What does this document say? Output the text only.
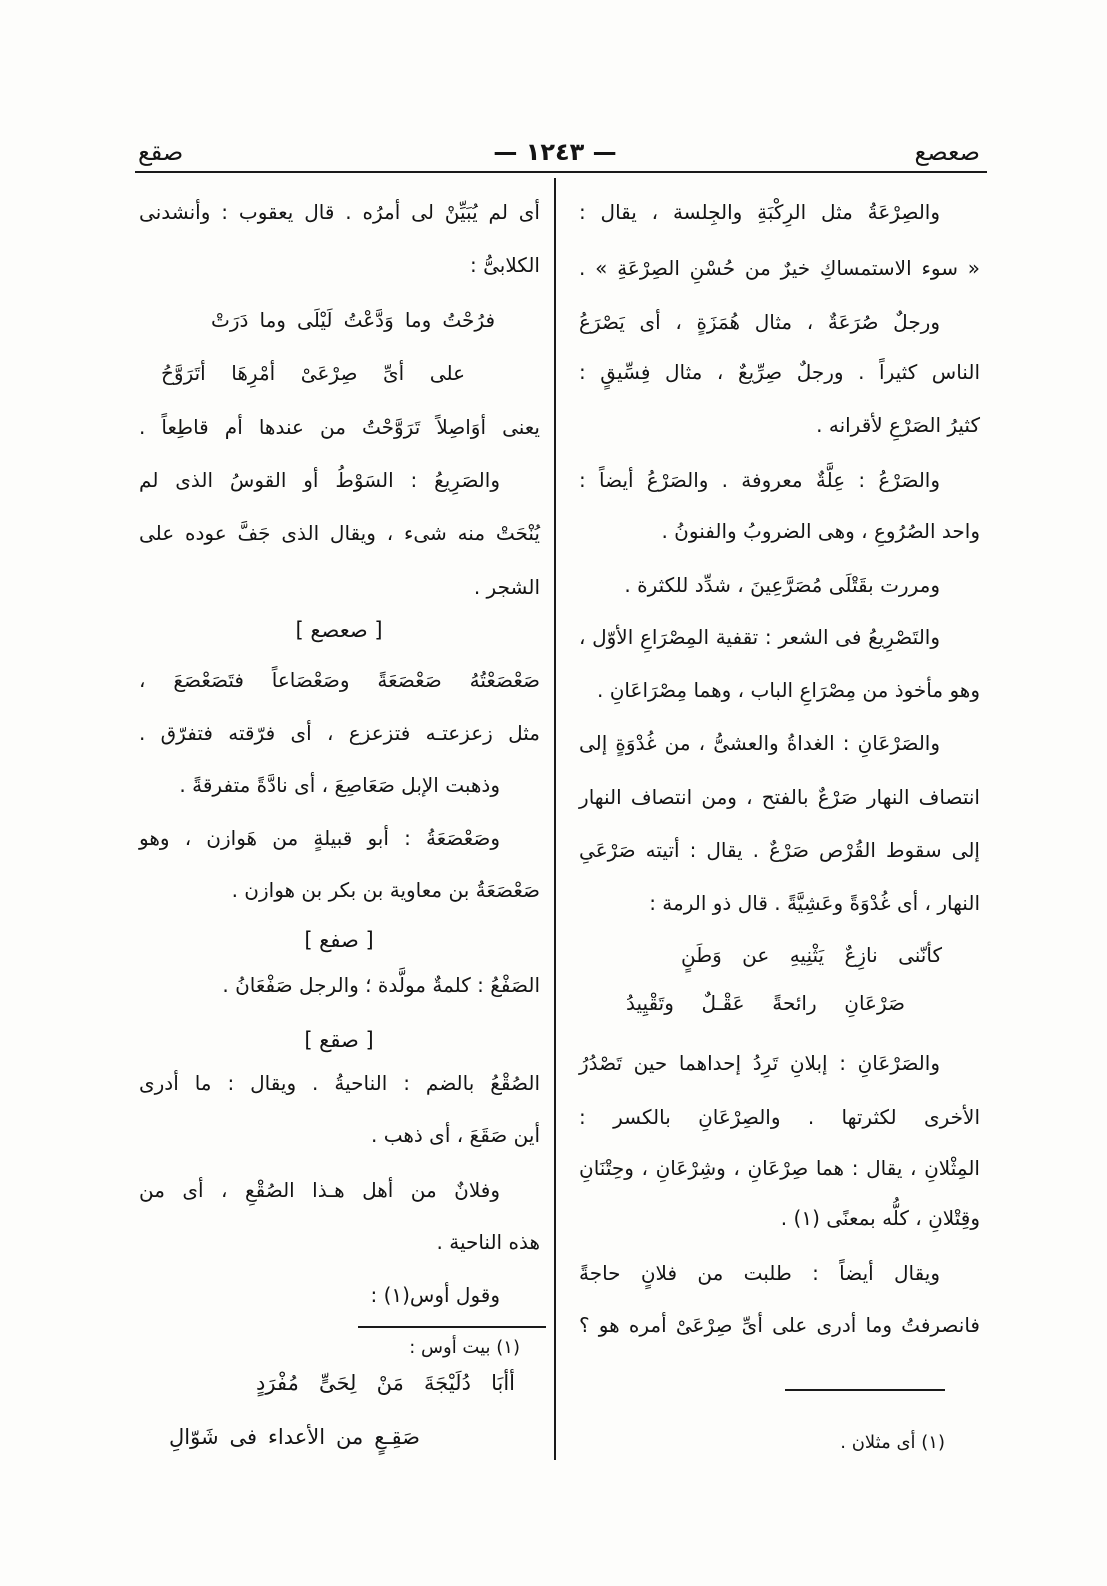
صعصع
— ١٢٤٣ —
صقع
والصِرْعَةُ مثل الرِكْبَةِ والجِلسة ، يقال :
« سوء الاستمساكِ خيرٌ من حُسْنِ الصِرْعَةِ » .
ورجلٌ صُرَعَةٌ ، مثال هُمَزَةٍ ، أى يَصْرَعُ
الناس كثيراً . ورجلٌ صِرِّيعٌ ، مثال فِسِّيقٍ :
كثيرُ الصَرْعِ لأقرانه .
والصَرْعُ : عِلَّةٌ معروفة . والصَرْعُ أيضاً :
واحد الصُرُوعِ ، وهى الضروبُ والفنونُ .
ومررت بقَتْلَى مُصَرَّعِينَ ، شدِّد للكثرة .
والتَصْرِيعُ فى الشعر : تقفية المِصْرَاعِ الأوّل ،
وهو مأخوذ من مِصْرَاعِ الباب ، وهما مِصْرَاعَانِ .
والصَرْعَانِ : الغداةُ والعشىُّ ، من غُدْوَةٍ إلى
انتصاف النهار صَرْعٌ بالفتح ، ومن انتصاف النهار
إلى سقوط القُرْص صَرْعٌ . يقال : أتيته صَرْعَىِ
النهار ، أى غُدْوَةً وعَشِيَّةً . قال ذو الرمة :
كأنّنى نازِعٌ يَثْنِيهِ عن وَطَنٍ
صَرْعَانِ رائحةً عَقْـلٌ وتَقْيِيدُ
والصَرْعَانِ : إبلانِ تَرِدُ إحداهما حين تَصْدُرُ
الأخرى لكثرتها . والصِرْعَانِ بالكسر :
المِثْلانِ ، يقال : هما صِرْعَانِ ، وشِرْعَانِ ، وحِتْنَانِ
وقِتْلانِ ، كلُّه بمعنًى (١) .
ويقال أيضاً : طلبت من فلانٍ حاجةً
فانصرفتُ وما أدرى على أىِّ صِرْعَىْ أمره هو ؟
(١) أى مثلان .
أى لم يُبَيِّنْ لى أمرُه . قال يعقوب : وأنشدنى
الكلابىُّ :
فرُحْتُ وما وَدَّعْتُ لَيْلَى وما دَرَتْ
على أىِّ صِرْعَىْ أمْرِهَا أتَرَوَّحُ
يعنى أوَاصِلاً تَرَوَّحْتُ من عندها أم قاطِعاً .
والصَرِيعُ : السَوْطُ أو القوسُ الذى لم
يُنْحَتْ منه شىء ، ويقال الذى جَفَّ عوده على
الشجر .
[ صعصع ]
صَعْصَعْتُهُ صَعْصَعَةً وصَعْصَاعاً فتَصَعْصَعَ ،
مثل زعزعتـه فتزعزع ، أى فرّقته فتفرّق .
وذهبت الإبل صَعَاصِعَ ، أى نادَّةً متفرقةً .
وصَعْصَعَةُ : أبو قبيلةٍ من هَوازن ، وهو
صَعْصَعَةُ بن معاوية بن بكر بن هوازن .
[ صفع ]
الصَفْعُ : كلمةٌ مولَّدة ؛ والرجل صَفْعَانُ .
[ صقع ]
الصُقْعُ بالضم : الناحيةُ . ويقال : ما أدرى
أين صَقَعَ ، أى ذهب .
وفلانٌ من أهل هـذا الصُقْعِ ، أى من
هذه الناحية .
وقول أوس(١) :
(١) بيت أوس :
أأبَا دُلَيْجَةَ مَنْ لِحَىٍّ مُفْرَدٍ
صَقِـعٍ من الأعداء فى شَوّالِ
